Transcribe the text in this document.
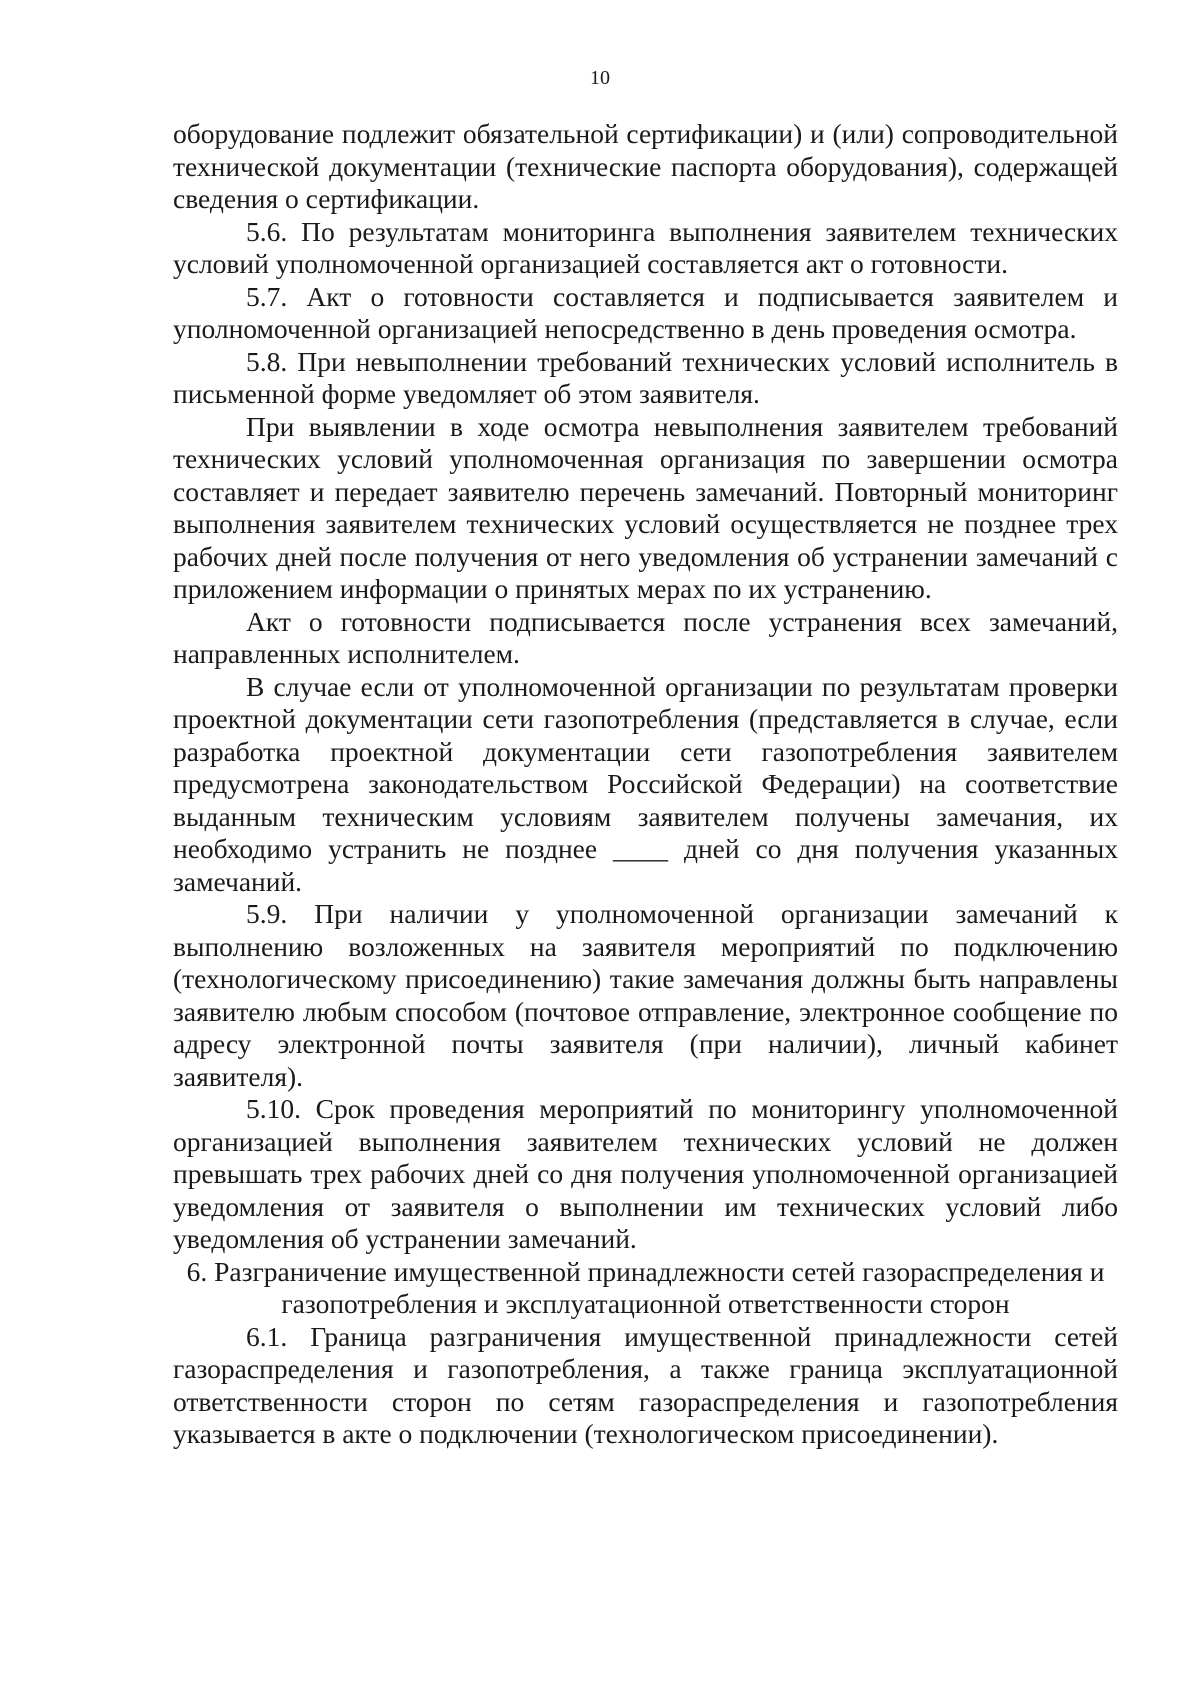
10

оборудование подлежит обязательной сертификации) и (или) сопроводительной технической документации (технические паспорта оборудования), содержащей сведения о сертификации.

5.6. По результатам мониторинга выполнения заявителем технических условий уполномоченной организацией составляется акт о готовности.

5.7. Акт о готовности составляется и подписывается заявителем и уполномоченной организацией непосредственно в день проведения осмотра.

5.8. При невыполнении требований технических условий исполнитель в письменной форме уведомляет об этом заявителя.

При выявлении в ходе осмотра невыполнения заявителем требований технических условий уполномоченная организация по завершении осмотра составляет и передает заявителю перечень замечаний. Повторный мониторинг выполнения заявителем технических условий осуществляется не позднее трех рабочих дней после получения от него уведомления об устранении замечаний с приложением информации о принятых мерах по их устранению.

Акт о готовности подписывается после устранения всех замечаний, направленных исполнителем.

В случае если от уполномоченной организации по результатам проверки проектной документации сети газопотребления (представляется в случае, если разработка проектной документации сети газопотребления заявителем предусмотрена законодательством Российской Федерации) на соответствие выданным техническим условиям заявителем получены замечания, их необходимо устранить не позднее ____ дней со дня получения указанных замечаний.

5.9. При наличии у уполномоченной организации замечаний к выполнению возложенных на заявителя мероприятий по подключению (технологическому присоединению) такие замечания должны быть направлены заявителю любым способом (почтовое отправление, электронное сообщение по адресу электронной почты заявителя (при наличии), личный кабинет заявителя).

5.10. Срок проведения мероприятий по мониторингу уполномоченной организацией выполнения заявителем технических условий не должен превышать трех рабочих дней со дня получения уполномоченной организацией уведомления от заявителя о выполнении им технических условий либо уведомления об устранении замечаний.

6. Разграничение имущественной принадлежности сетей газораспределения и
газопотребления и эксплуатационной ответственности сторон

6.1. Граница разграничения имущественной принадлежности сетей газораспределения и газопотребления, а также граница эксплуатационной ответственности сторон по сетям газораспределения и газопотребления указывается в акте о подключении (технологическом присоединении).
